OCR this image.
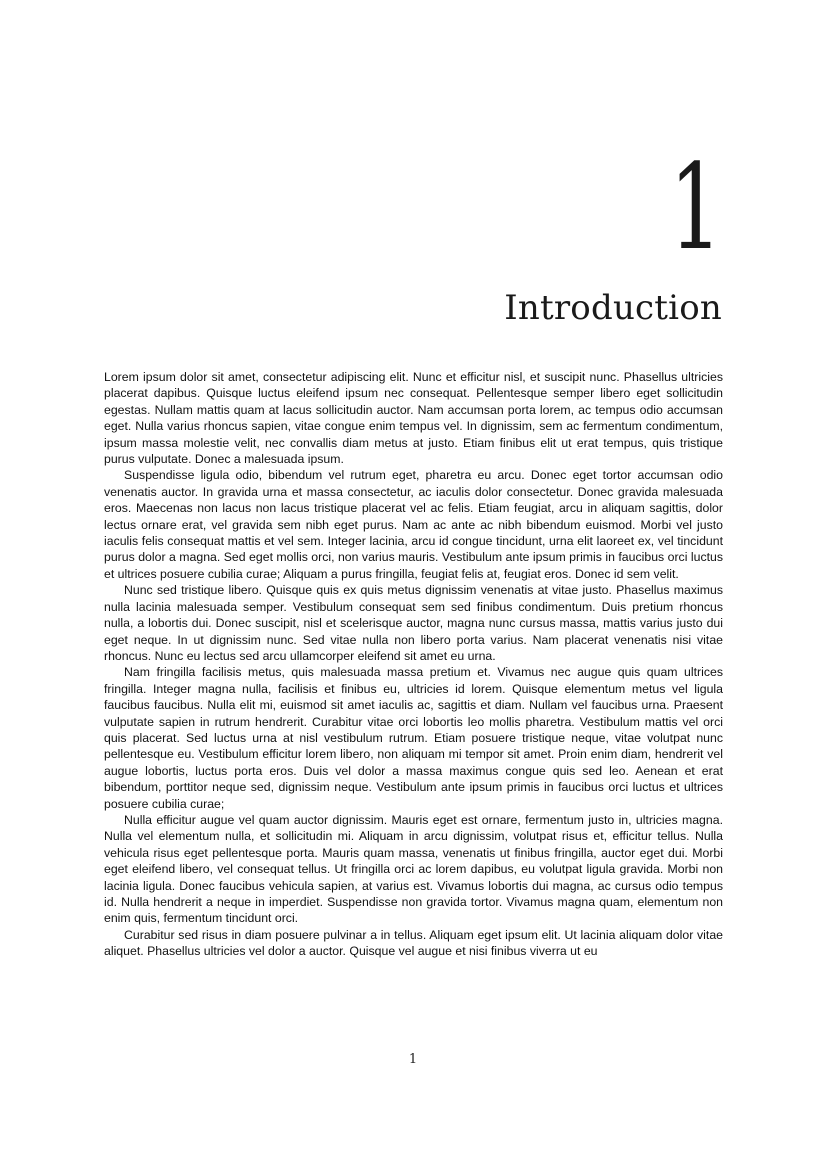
1
Introduction

Lorem ipsum dolor sit amet, consectetur adipiscing elit. Nunc et efficitur nisl, et suscipit nunc. Phasellus ultricies placerat dapibus. Quisque luctus eleifend ipsum nec consequat. Pellentesque semper libero eget sollicitudin egestas. Nullam mattis quam at lacus sollicitudin auctor. Nam accumsan porta lorem, ac tempus odio accumsan eget. Nulla varius rhoncus sapien, vitae congue enim tempus vel. In dignissim, sem ac fermentum condimentum, ipsum massa molestie velit, nec convallis diam metus at justo. Etiam finibus elit ut erat tempus, quis tristique purus vulputate. Donec a malesuada ipsum.

Suspendisse ligula odio, bibendum vel rutrum eget, pharetra eu arcu. Donec eget tortor accumsan odio venenatis auctor. In gravida urna et massa consectetur, ac iaculis dolor consectetur. Donec gravida malesuada eros. Maecenas non lacus non lacus tristique placerat vel ac felis. Etiam feugiat, arcu in aliquam sagittis, dolor lectus ornare erat, vel gravida sem nibh eget purus. Nam ac ante ac nibh bibendum euismod. Morbi vel justo iaculis felis consequat mattis et vel sem. Integer lacinia, arcu id congue tincidunt, urna elit laoreet ex, vel tincidunt purus dolor a magna. Sed eget mollis orci, non varius mauris. Vestibulum ante ipsum primis in faucibus orci luctus et ultrices posuere cubilia curae; Aliquam a purus fringilla, feugiat felis at, feugiat eros. Donec id sem velit.

Nunc sed tristique libero. Quisque quis ex quis metus dignissim venenatis at vitae justo. Phasellus maximus nulla lacinia malesuada semper. Vestibulum consequat sem sed finibus condimentum. Duis pretium rhoncus nulla, a lobortis dui. Donec suscipit, nisl et scelerisque auctor, magna nunc cursus massa, mattis varius justo dui eget neque. In ut dignissim nunc. Sed vitae nulla non libero porta varius. Nam placerat venenatis nisi vitae rhoncus. Nunc eu lectus sed arcu ullamcorper eleifend sit amet eu urna.

Nam fringilla facilisis metus, quis malesuada massa pretium et. Vivamus nec augue quis quam ultrices fringilla. Integer magna nulla, facilisis et finibus eu, ultricies id lorem. Quisque elementum metus vel ligula faucibus faucibus. Nulla elit mi, euismod sit amet iaculis ac, sagittis et diam. Nullam vel faucibus urna. Praesent vulputate sapien in rutrum hendrerit. Curabitur vitae orci lobortis leo mollis pharetra. Vestibulum mattis vel orci quis placerat. Sed luctus urna at nisl vestibulum rutrum. Etiam posuere tristique neque, vitae volutpat nunc pellentesque eu. Vestibulum efficitur lorem libero, non aliquam mi tempor sit amet. Proin enim diam, hendrerit vel augue lobortis, luctus porta eros. Duis vel dolor a massa maximus congue quis sed leo. Aenean et erat bibendum, porttitor neque sed, dignissim neque. Vestibulum ante ipsum primis in faucibus orci luctus et ultrices posuere cubilia curae;

Nulla efficitur augue vel quam auctor dignissim. Mauris eget est ornare, fermentum justo in, ultricies magna. Nulla vel elementum nulla, et sollicitudin mi. Aliquam in arcu dignissim, volutpat risus et, efficitur tellus. Nulla vehicula risus eget pellentesque porta. Mauris quam massa, venenatis ut finibus fringilla, auctor eget dui. Morbi eget eleifend libero, vel consequat tellus. Ut fringilla orci ac lorem dapibus, eu volutpat ligula gravida. Morbi non lacinia ligula. Donec faucibus vehicula sapien, at varius est. Vivamus lobortis dui magna, ac cursus odio tempus id. Nulla hendrerit a neque in imperdiet. Suspendisse non gravida tortor. Vivamus magna quam, elementum non enim quis, fermentum tincidunt orci.

Curabitur sed risus in diam posuere pulvinar a in tellus. Aliquam eget ipsum elit. Ut lacinia aliquam dolor vitae aliquet. Phasellus ultricies vel dolor a auctor. Quisque vel augue et nisi finibus viverra ut eu

1
